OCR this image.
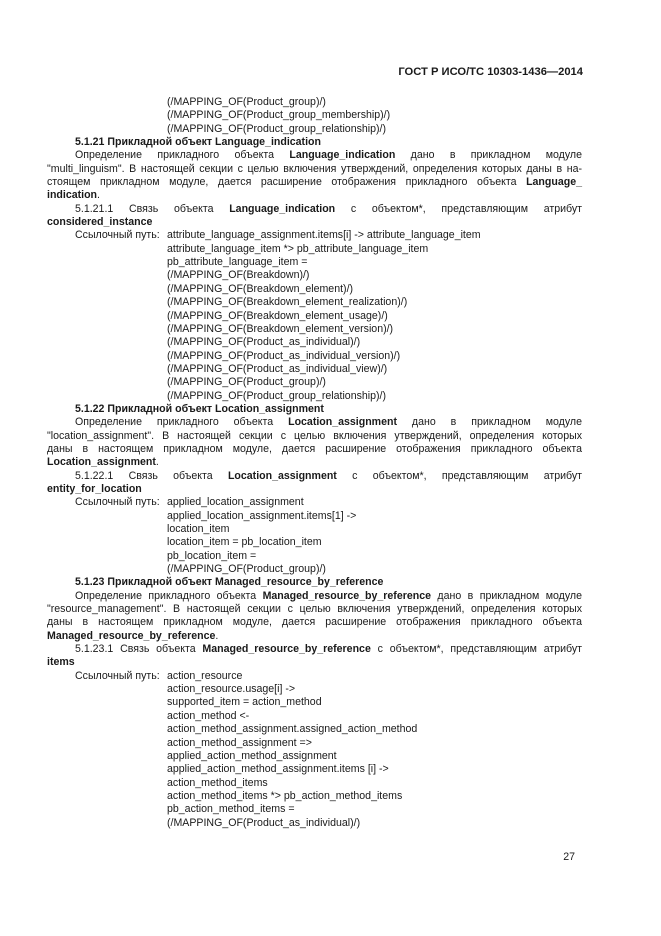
ГОСТ Р ИСО/ТС 10303-1436—2014
(/MAPPING_OF(Product_group)/)
(/MAPPING_OF(Product_group_membership)/)
(/MAPPING_OF(Product_group_relationship)/)
5.1.21 Прикладной объект Language_indication
Определение прикладного объекта Language_indication дано в прикладном модуле
"multi_linguism". В настоящей секции с целью включения утверждений, определения которых даны в на-
стоящем прикладном модуле, дается расширение отображения прикладного объекта Language_
indication.
5.1.21.1 Связь объекта Language_indication с объектом*, представляющим атрибут
considered_instance
Ссылочный путь: attribute_language_assignment.items[i] -> attribute_language_item
attribute_language_item *> pb_attribute_language_item
pb_attribute_language_item =
(/MAPPING_OF(Breakdown)/)
(/MAPPING_OF(Breakdown_element)/)
(/MAPPING_OF(Breakdown_element_realization)/)
(/MAPPING_OF(Breakdown_element_usage)/)
(/MAPPING_OF(Breakdown_element_version)/)
(/MAPPING_OF(Product_as_individual)/)
(/MAPPING_OF(Product_as_individual_version)/)
(/MAPPING_OF(Product_as_individual_view)/)
(/MAPPING_OF(Product_group)/)
(/MAPPING_OF(Product_group_relationship)/)
5.1.22 Прикладной объект Location_assignment
Определение прикладного объекта Location_assignment дано в прикладном модуле
"location_assignment". В настоящей секции с целью включения утверждений, определения которых
даны в настоящем прикладном модуле, дается расширение отображения прикладного объекта
Location_assignment.
5.1.22.1 Связь объекта Location_assignment с объектом*, представляющим атрибут
entity_for_location
Ссылочный путь: applied_location_assignment
applied_location_assignment.items[1] ->
location_item
location_item = pb_location_item
pb_location_item =
(/MAPPING_OF(Product_group)/)
5.1.23 Прикладной объект Managed_resource_by_reference
Определение прикладного объекта Managed_resource_by_reference дано в прикладном модуле
"resource_management". В настоящей секции с целью включения утверждений, определения которых
даны в настоящем прикладном модуле, дается расширение отображения прикладного объекта
Managed_resource_by_reference.
5.1.23.1 Связь объекта Managed_resource_by_reference с объектом*, представляющим атрибут
items
Ссылочный путь: action_resource
action_resource.usage[i] ->
supported_item = action_method
action_method <-
action_method_assignment.assigned_action_method
action_method_assignment =>
applied_action_method_assignment
applied_action_method_assignment.items [i] ->
action_method_items
action_method_items *> pb_action_method_items
pb_action_method_items =
(/MAPPING_OF(Product_as_individual)/)
27
